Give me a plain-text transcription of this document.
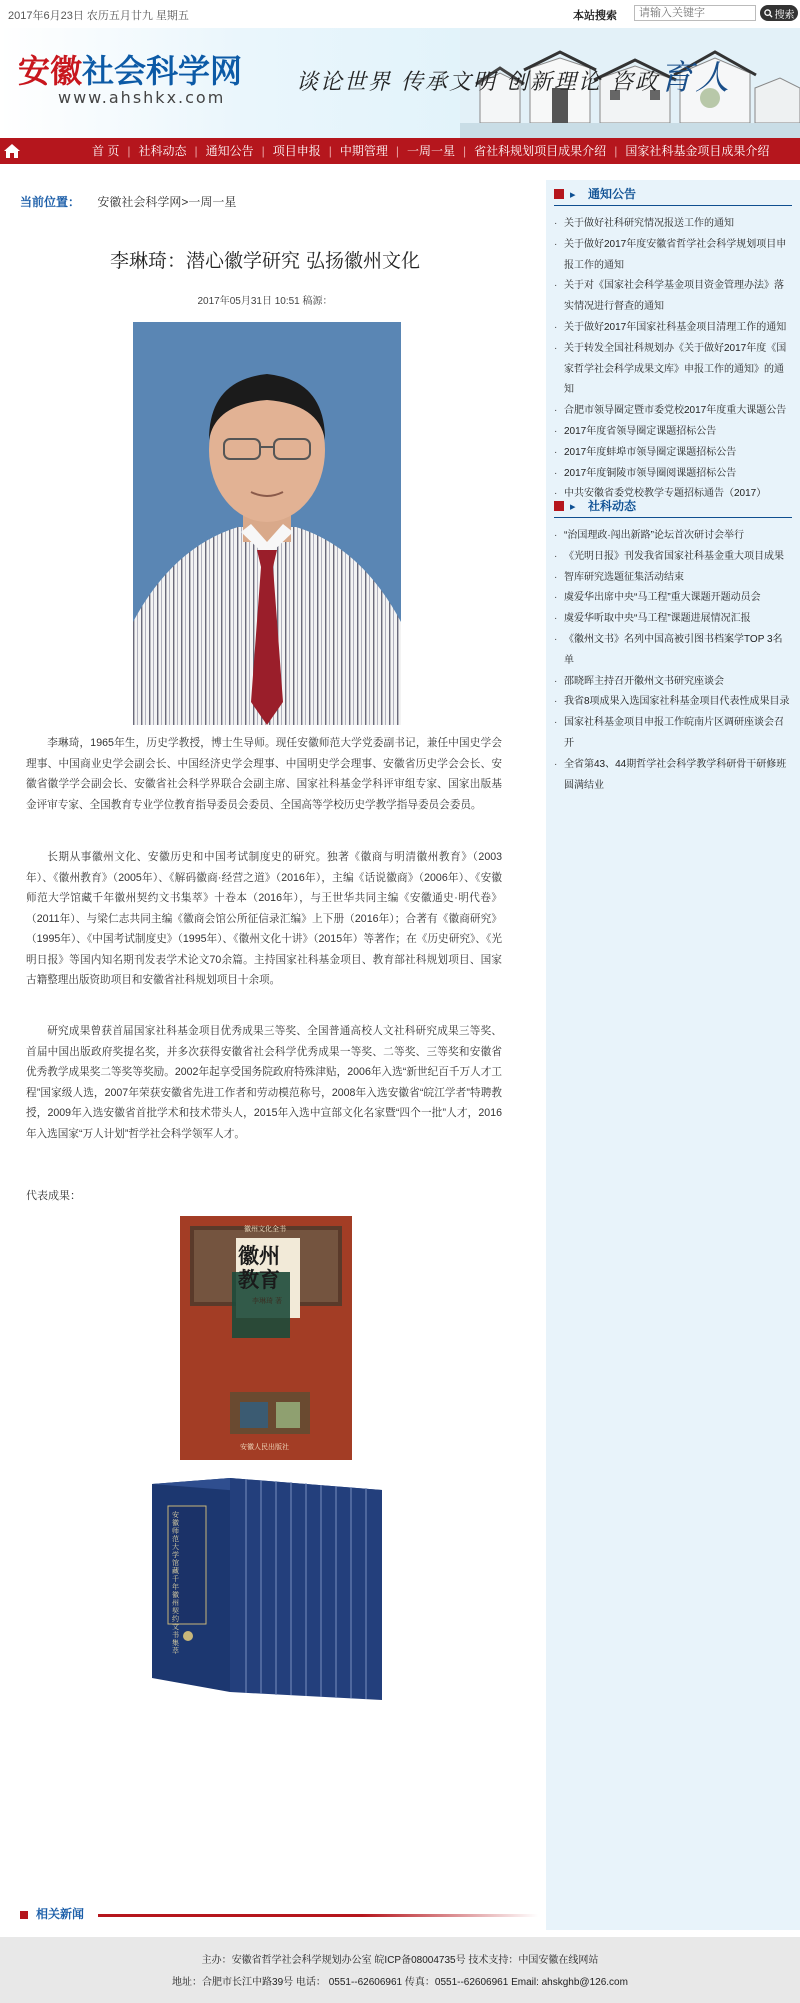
2017年6月23日 农历五月廿九 星期五	本站搜索
请输入关键字	搜索
安徽社会科学网
www.ahshkx.com
谈论世界 传承文明 创新理论 咨政育人
首 页 | 社科动态 | 通知公告 | 项目申报 | 中期管理 | 一周一星 | 省社科规划项目成果介绍 | 国家社科基金项目成果介绍
当前位置： 安徽社会科学网>一周一星
李琳琦：潜心徽学研究 弘扬徽州文化
2017年05月31日 10:51 稿源：

李琳琦，1965年生，历史学教授，博士生导师。现任安徽师范大学党委副书记，兼任中国史学会理事、中国商业史学会副会长、中国经济史学会理事、中国明史学会理事、安徽省历史学会会长、安徽省徽学学会副会长、安徽省社会科学界联合会副主席、国家社科基金学科评审组专家、国家出版基金评审专家、全国教育专业学位教育指导委员会委员、全国高等学校历史学教学指导委员会委员。

长期从事徽州文化、安徽历史和中国考试制度史的研究。独著《徽商与明清徽州教育》（2003年）、《徽州教育》（2005年）、《解码徽商·经营之道》（2016年），主编《话说徽商》（2006年）、《安徽师范大学馆藏千年徽州契约文书集萃》十卷本（2016年），与王世华共同主编《安徽通史·明代卷》（2011年）、与梁仁志共同主编《徽商会馆公所征信录汇编》上下册（2016年）；合著有《徽商研究》（1995年）、《中国考试制度史》（1995年）、《徽州文化十讲》（2015年）等著作；在《历史研究》、《光明日报》等国内知名期刊发表学术论文70余篇。主持国家社科基金项目、教育部社科规划项目、国家古籍整理出版资助项目和安徽省社科规划项目十余项。

研究成果曾获首届国家社科基金项目优秀成果三等奖、全国普通高校人文社科研究成果三等奖、首届中国出版政府奖提名奖，并多次获得安徽省社会科学优秀成果一等奖、二等奖、三等奖和安徽省优秀教学成果奖二等奖等奖励。2002年起享受国务院政府特殊津贴，2006年入选“新世纪百千万人才工程”国家级人选，2007年荣获安徽省先进工作者和劳动模范称号，2008年入选安徽省“皖江学者”特聘教授，2009年入选安徽省首批学术和技术带头人，2015年入选中宣部文化名家暨“四个一批”人才，2016年入选国家“万人计划”哲学社会科学领军人才。

代表成果：
徽州文化全书
徽州教育
李琳琦 著
安徽人民出版社
安徽师范大学馆藏千年徽州契约文书集萃
相关新闻
▸ 通知公告
· 关于做好社科研究情况报送工作的通知
· 关于做好2017年度安徽省哲学社会科学规划项目申报工作的通知
· 关于对《国家社会科学基金项目资金管理办法》落实情况进行督查的通知
· 关于做好2017年国家社科基金项目清理工作的通知
· 关于转发全国社科规划办《关于做好2017年度《国家哲学社会科学成果文库》申报工作的通知》的通知
· 合肥市领导圈定暨市委党校2017年度重大课题公告
· 2017年度省领导圈定课题招标公告
· 2017年度蚌埠市领导圈定课题招标公告
· 2017年度铜陵市领导圈阅课题招标公告
· 中共安徽省委党校教学专题招标通告（2017）
▸ 社科动态
· “治国理政·闯出新路”论坛首次研讨会举行
· 《光明日报》刊发我省国家社科基金重大项目成果
· 智库研究选题征集活动结束
· 虞爱华出席中央“马工程”重大课题开题动员会
· 虞爱华听取中央“马工程”课题进展情况汇报
· 《徽州文书》名列中国高被引图书档案学TOP 3名单
· 邵晓晖主持召开徽州文书研究座谈会
· 我省8项成果入选国家社科基金项目代表性成果目录
· 国家社科基金项目申报工作皖南片区调研座谈会召开
· 全省第43、44期哲学社会科学教学科研骨干研修班圆满结业
主办：安徽省哲学社会科学规划办公室 皖ICP备08004735号 技术支持：中国安徽在线网站
地址：合肥市长江中路39号 电话： 0551--62606961 传真：0551--62606961 Email: ahskghb@126.com
